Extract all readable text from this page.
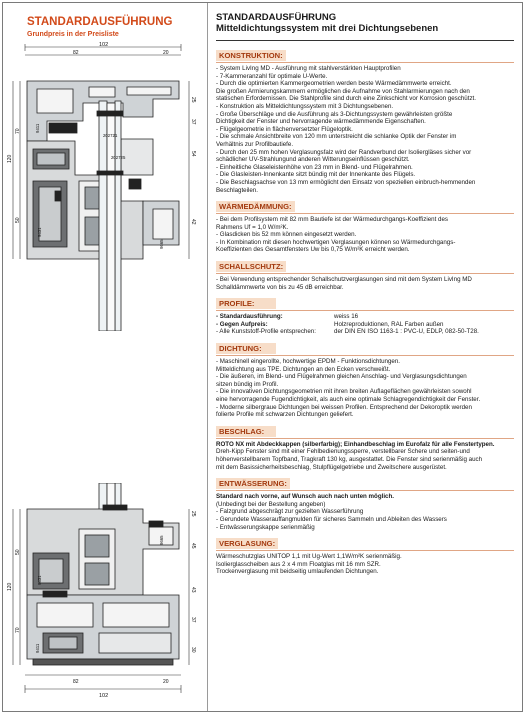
STANDARDAUSFÜHRUNG
Grundpreis in der Preisliste
102
82	20
120
70
50
25
37
54
42
202721
202725
9431
9411
9665
120
50
70
25
45
43
37
30
82	20
102
9665
9431
9411
STANDARDAUSFÜHRUNG
Mitteldichtungssystem mit drei Dichtungsebenen
KONSTRUKTION:
- System LivIng MD - Ausführung mit stahlverstärkten Hauptprofilen
- 7-Kammeranzahl für optimale U-Werte.
- Durch die optimierten Kammergeometrien werden beste Wärmedämmwerte erreicht.
Die großen Armierungskammern ermöglichen die Aufnahme von Stahlarmierungen nach den
statischen Erfordernissen. Die Stahlprofile sind durch eine Zinkschicht vor Korrosion geschützt.
- Konstruktion als Mitteldichtungssystem mit 3 Dichtungsebenen.
- Große Überschläge und die Ausführung als 3-Dichtungssystem gewährleisten größte
Dichtigkeit der Fenster und hervorragende wärmedämmende Eigenschaften.
- Flügelgeometrie in flächenversetzter Flügeloptik.
- Die schmale Ansichtbreite von 120 mm unterstreicht die schlanke Optik der Fenster im
Verhältnis zur Profilbautiefe.
- Durch den 25 mm hohen Verglasungsfalz wird der Randverbund der Isoliergläses sicher vor
schädlicher UV-Strahlungund anderen Witterungseinflüssen geschützt.
- Einheitliche Glaseleistenhöhe von 23 mm in Blend- und Flügelrahmen.
- Die Glasleisten-Innenkante sitzt bündig mit der Innenkante des Flügels.
- Die Beschlagsachse von 13 mm ermöglicht den Einsatz von speziellen einbruch-hemmenden
Beschlagteilen.
WÄRMEDÄMMUNG:
- Bei dem Profilsystem mit 82 mm Bautiefe ist der Wärmedurchgangs-Koeffizient des
Rahmens Uf = 1,0 W/m²K.
- Glasdicken bis 52 mm können eingesetzt werden.
- In Kombination mit diesen hochwertigen Verglasungen können so Wärmedurchgangs-
Koeffizienten des Gesamtfensters Uw bis 0,75 W/m²K erreicht werden.
SCHALLSCHUTZ:
- Bei Verwendung entsprechender Schallschutzverglasungen sind mit dem System LivIng MD
Schalldämmwerte von bis zu 45 dB erreichbar.
PROFILE:
- Standardausführung:	weiss 16
- Gegen Aufpreis:	Holzreproduktionen, RAL Farben außen
- Alle Kunststoff-Profile entsprechen:	der DIN EN ISO 1163-1 : PVC-U, EDLP, 082-50-T28.
DICHTUNG:
- Maschinell eingerollte, hochwertige EPDM - Funktionsdichtungen.
Mitteldichtung aus TPE. Dichtungen an den Ecken verschweißt.
- Die äußeren, im Blend- und Flügelrahmen gleichen Anschlag- und Verglasungsdichtungen
sitzen bündig im Profil.
- Die innovativen Dichtungsgeometrien mit ihren breiten Auflageflächen gewährleisten sowohl
eine hervorragende Fugendichtigkeit, als auch eine optimale Schlagregendichtigkeit der Fenster.
- Moderne silbergraue Dichtungen bei weissen Profilen. Entsprechend der Dekoroptik werden
folierte Profile mit schwarzen Dichtungen geliefert.
BESCHLAG:
ROTO NX mit Abdeckkappen (silberfarbig); Einhandbeschlag im Eurofalz für alle Fenstertypen.
Dreh-Kipp Fenster sind mit einer Fehlbedienungssperre, verstellbarer Schere und seiten-und
höhenverstellbarem Topfband, Tragkraft 130 kg, ausgestattet. Die Fenster sind serienmäßig auch
mit dem Basissicherheitsbeschlag, Stulpflügelgetriebe und Zweitschere ausgerüstet.
ENTWÄSSERUNG:
Standard nach vorne, auf Wunsch auch nach unten möglich.
(Unbedingt bei der Bestellung angeben)
- Falzgrund abgeschrägt zur gezielten Wasserführung
- Gerundete Wasserauffangmulden für sicheres Sammeln und Ableiten des Wassers
- Entwässerungskappe serienmäßig
VERGLASUNG:
Wärmeschutzglas UNITOP 1,1 mit Ug-Wert 1,1W/m²K serienmäßig.
Isolierglasscheiben aus 2 x 4 mm Floatglas mit 16 mm SZR.
Trockenverglasung mit beidseitig umlaufenden Dichtungen.
